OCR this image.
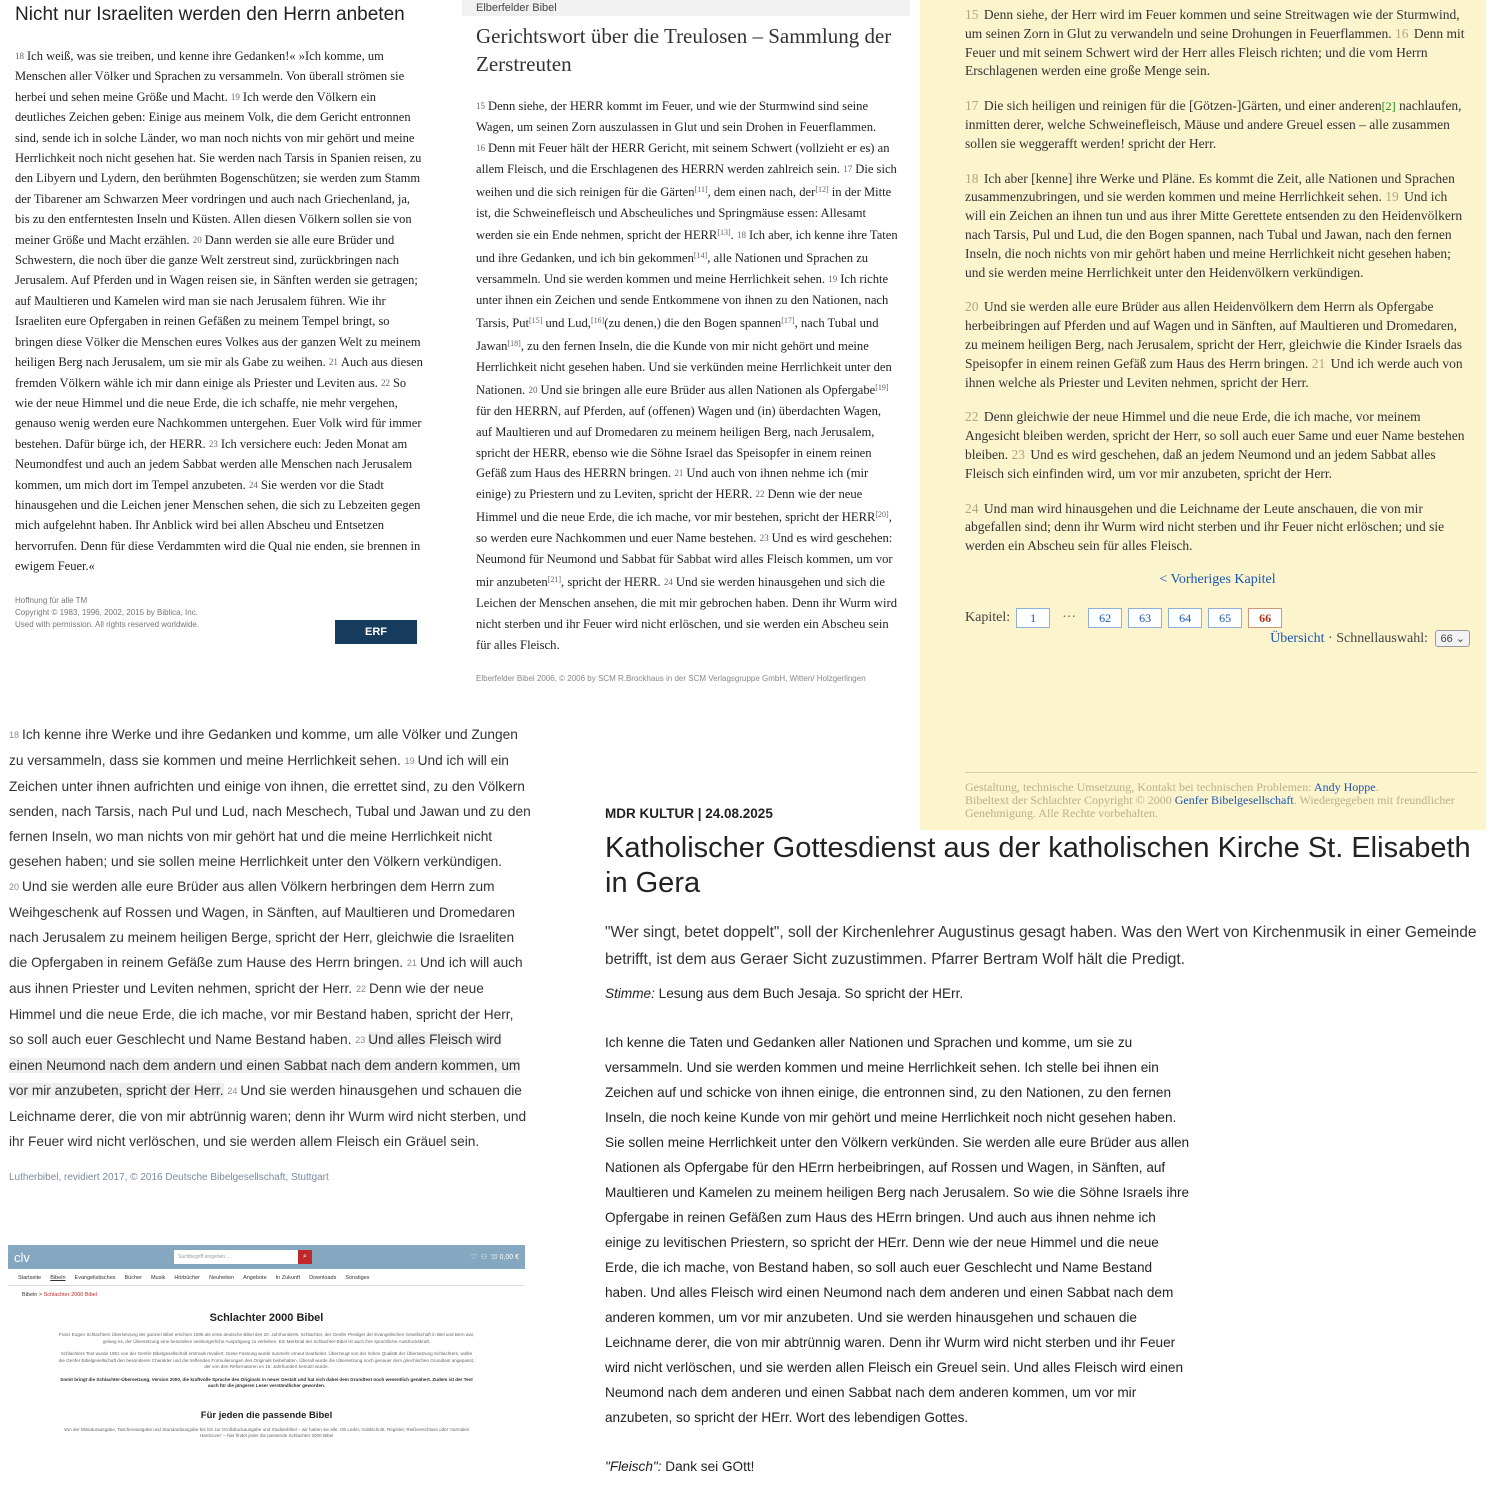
Nicht nur Israeliten werden den Herrn anbeten
18 Ich weiß, was sie treiben, und kenne ihre Gedanken!« »Ich komme, um Menschen aller Völker und Sprachen zu versammeln. Von überall strömen sie herbei und sehen meine Größe und Macht. 19 Ich werde den Völkern ein deutliches Zeichen geben: Einige aus meinem Volk, die dem Gericht entronnen sind, sende ich in solche Länder, wo man noch nichts von mir gehört und meine Herrlichkeit noch nicht gesehen hat. Sie werden nach Tarsis in Spanien reisen, zu den Libyern und Lydern, den berühmten Bogenschützen; sie werden zum Stamm der Tibarener am Schwarzen Meer vordringen und auch nach Griechenland, ja, bis zu den entferntesten Inseln und Küsten. Allen diesen Völkern sollen sie von meiner Größe und Macht erzählen. 20 Dann werden sie alle eure Brüder und Schwestern, die noch über die ganze Welt zerstreut sind, zurückbringen nach Jerusalem. Auf Pferden und in Wagen reisen sie, in Sänften werden sie getragen; auf Maultieren und Kamelen wird man sie nach Jerusalem führen. Wie ihr Israeliten eure Opfergaben in reinen Gefäßen zu meinem Tempel bringt, so bringen diese Völker die Menschen eures Volkes aus der ganzen Welt zu meinem heiligen Berg nach Jerusalem, um sie mir als Gabe zu weihen. 21 Auch aus diesen fremden Völkern wähle ich mir dann einige als Priester und Leviten aus. 22 So wie der neue Himmel und die neue Erde, die ich schaffe, nie mehr vergehen, genauso wenig werden eure Nachkommen untergehen. Euer Volk wird für immer bestehen. Dafür bürge ich, der HERR. 23 Ich versichere euch: Jeden Monat am Neumondfest und auch an jedem Sabbat werden alle Menschen nach Jerusalem kommen, um mich dort im Tempel anzubeten. 24 Sie werden vor die Stadt hinausgehen und die Leichen jener Menschen sehen, die sich zu Lebzeiten gegen mich aufgelehnt haben. Ihr Anblick wird bei allen Abscheu und Entsetzen hervorrufen. Denn für diese Verdammten wird die Qual nie enden, sie brennen in ewigem Feuer.«
Hoffnung für alle TM
Copyright © 1983, 1996, 2002, 2015 by Biblica, Inc.
Used with permission. All rights reserved worldwide.
ERF Bibleserver
Elberfelder Bibel
Gerichtswort über die Treulosen – Sammlung der Zerstreuten
15 Denn siehe, der HERR kommt im Feuer, und wie der Sturmwind sind seine Wagen, um seinen Zorn auszulassen in Glut und sein Drohen in Feuerflammen. 16 Denn mit Feuer hält der HERR Gericht, mit seinem Schwert (vollzieht er es) an allem Fleisch, und die Erschlagenen des HERRN werden zahlreich sein. 17 Die sich weihen und die sich reinigen für die Gärten[11], dem einen nach, der[12] in der Mitte ist, die Schweinefleisch und Abscheuliches und Springmäuse essen: Allesamt werden sie ein Ende nehmen, spricht der HERR[13]. 18 Ich aber, ich kenne ihre Taten und ihre Gedanken, und ich bin gekommen[14], alle Nationen und Sprachen zu versammeln. Und sie werden kommen und meine Herrlichkeit sehen. 19 Ich richte unter ihnen ein Zeichen und sende Entkommene von ihnen zu den Nationen, nach Tarsis, Put[15] und Lud,[16](zu denen,) die den Bogen spannen[17], nach Tubal und Jawan[18], zu den fernen Inseln, die die Kunde von mir nicht gehört und meine Herrlichkeit nicht gesehen haben. Und sie verkünden meine Herrlichkeit unter den Nationen. 20 Und sie bringen alle eure Brüder aus allen Nationen als Opfergabe[19] für den HERRN, auf Pferden, auf (offenen) Wagen und (in) überdachten Wagen, auf Maultieren und auf Dromedaren zu meinem heiligen Berg, nach Jerusalem, spricht der HERR, ebenso wie die Söhne Israel das Speisopfer in einem reinen Gefäß zum Haus des HERRN bringen. 21 Und auch von ihnen nehme ich (mir einige) zu Priestern und zu Leviten, spricht der HERR. 22 Denn wie der neue Himmel und die neue Erde, die ich mache, vor mir bestehen, spricht der HERR[20], so werden eure Nachkommen und euer Name bestehen. 23 Und es wird geschehen: Neumond für Neumond und Sabbat für Sabbat wird alles Fleisch kommen, um vor mir anzubeten[21], spricht der HERR. 24 Und sie werden hinausgehen und sich die Leichen der Menschen ansehen, die mit mir gebrochen haben. Denn ihr Wurm wird nicht sterben und ihr Feuer wird nicht erlöschen, und sie werden ein Abscheu sein für alles Fleisch.
Elberfelder Bibel 2006, © 2006 by SCM R.Brockhaus in der SCM Verlagsgruppe GmbH, Witten/ Holzgerlingen

15 Denn siehe, der Herr wird im Feuer kommen und seine Streitwagen wie der Sturmwind, um seinen Zorn in Glut zu verwandeln und seine Drohungen in Feuerflammen. 16 Denn mit Feuer und mit seinem Schwert wird der Herr alles Fleisch richten; und die vom Herrn Erschlagenen werden eine große Menge sein.

17 Die sich heiligen und reinigen für die [Götzen-]Gärten, und einer anderen[2] nachlaufen, inmitten derer, welche Schweinefleisch, Mäuse und andere Greuel essen – alle zusammen sollen sie weggerafft werden! spricht der Herr.

18 Ich aber [kenne] ihre Werke und Pläne. Es kommt die Zeit, alle Nationen und Sprachen zusammenzubringen, und sie werden kommen und meine Herrlichkeit sehen. 19 Und ich will ein Zeichen an ihnen tun und aus ihrer Mitte Gerettete entsenden zu den Heidenvölkern nach Tarsis, Pul und Lud, die den Bogen spannen, nach Tubal und Jawan, nach den fernen Inseln, die noch nichts von mir gehört haben und meine Herrlichkeit nicht gesehen haben; und sie werden meine Herrlichkeit unter den Heidenvölkern verkündigen.

20 Und sie werden alle eure Brüder aus allen Heidenvölkern dem Herrn als Opfergabe herbeibringen auf Pferden und auf Wagen und in Sänften, auf Maultieren und Dromedaren, zu meinem heiligen Berg, nach Jerusalem, spricht der Herr, gleichwie die Kinder Israels das Speisopfer in einem reinen Gefäß zum Haus des Herrn bringen. 21 Und ich werde auch von ihnen welche als Priester und Leviten nehmen, spricht der Herr.

22 Denn gleichwie der neue Himmel und die neue Erde, die ich mache, vor meinem Angesicht bleiben werden, spricht der Herr, so soll auch euer Same und euer Name bestehen bleiben. 23 Und es wird geschehen, daß an jedem Neumond und an jedem Sabbat alles Fleisch sich einfinden wird, um vor mir anzubeten, spricht der Herr.

24 Und man wird hinausgehen und die Leichname der Leute anschauen, die von mir abgefallen sind; denn ihr Wurm wird nicht sterben und ihr Feuer nicht erlöschen; und sie werden ein Abscheu sein für alles Fleisch.

< Vorheriges Kapitel
Kapitel:	1	···	62	63	64	65	66
Übersicht · Schnellauswahl: 66 ⌄
Gestaltung, technische Umsetzung, Kontakt bei technischen Problemen: Andy Hoppe.
Bibeltext der Schlachter Copyright © 2000 Genfer Bibelgesellschaft. Wiedergegeben mit freundlicher Genehmigung. Alle Rechte vorbehalten.
18 Ich kenne ihre Werke und ihre Gedanken und komme, um alle Völker und Zungen zu versammeln, dass sie kommen und meine Herrlichkeit sehen. 19 Und ich will ein Zeichen unter ihnen aufrichten und einige von ihnen, die errettet sind, zu den Völkern senden, nach Tarsis, nach Pul und Lud, nach Meschech, Tubal und Jawan und zu den fernen Inseln, wo man nichts von mir gehört hat und die meine Herrlichkeit nicht gesehen haben; und sie sollen meine Herrlichkeit unter den Völkern verkündigen.
20 Und sie werden alle eure Brüder aus allen Völkern herbringen dem Herrn zum Weihgeschenk auf Rossen und Wagen, in Sänften, auf Maultieren und Dromedaren nach Jerusalem zu meinem heiligen Berge, spricht der Herr, gleichwie die Israeliten die Opfergaben in reinem Gefäße zum Hause des Herrn bringen. 21 Und ich will auch aus ihnen Priester und Leviten nehmen, spricht der Herr. 22 Denn wie der neue Himmel und die neue Erde, die ich mache, vor mir Bestand haben, spricht der Herr, so soll auch euer Geschlecht und Name Bestand haben. 23 Und alles Fleisch wird einen Neumond nach dem andern und einen Sabbat nach dem andern kommen, um vor mir anzubeten, spricht der Herr. 24 Und sie werden hinausgehen und schauen die Leichname derer, die von mir abtrünnig waren; denn ihr Wurm wird nicht sterben, und ihr Feuer wird nicht verlöschen, und sie werden allem Fleisch ein Gräuel sein.
Lutherbibel, revidiert 2017, © 2016 Deutsche Bibelgesellschaft, Stuttgart
clv	Suchbegriff eingeben ...	⌕	♡ ⚇ ⛫ 0,00 €
Startseite Bibeln Evangelistisches Bücher Musik Hörbücher Neuheiten Angebote In Zukunft Downloads Sonstiges
Bibeln > Schlachter 2000 Bibel
Schlachter 2000 Bibel

Franz Eugen Schlachters Übersetzung der ganzen Bibel erschien 1905 als erste deutsche Bibel des 20. Jahrhunderts. Schlachter, der Genfer Prediger der Evangelischen Gesellschaft in Biel und Bern war, gelang es, der Übersetzung eine besondere seelsorgerliche Ausprägung zu verleihen. Ein Merkmal der Schlachter-Bibel ist auch ihre sprachliche Ausdruckskraft.

Schlachters Text wurde 1951 von der Genfer Bibelgesellschaft erstmals revidiert. Diese Fassung wurde nunmehr erneut bearbeitet. Überzeugt von der hohen Qualität der Übersetzung Schlachters, wollte die Genfer Bibelgesellschaft den besonderen Charakter und die treffenden Formulierungen des Originals beibehalten. Überall wurde die Übersetzung noch genauer dem griechischen Grundtext angepasst, der von den Reformatoren im 16. Jahrhundert benutzt wurde.

Somit bringt die Schlachter-Übersetzung, Version 2000, die kraftvolle Sprache des Originals in neuer Gestalt und hat sich dabei dem Grundtext noch wesentlich genähert. Zudem ist der Text auch für die jüngeren Leser verständlicher geworden.

Für jeden die passende Bibel

Von der Miniaturausgabe, Taschenausgabe und Standardausgabe bis hin zur Großdruckausgabe und Studienbibel – wir haben sie alle. Ob Leder, Goldschnitt, Register, Reißverschluss oder 'normales Hardcover' – hier findet jeder die passende Schlachter 2000 Bibel

MDR KULTUR | 24.08.2025
Katholischer Gottesdienst aus der katholischen Kirche St. Elisabeth in Gera

"Wer singt, betet doppelt", soll der Kirchenlehrer Augustinus gesagt haben. Was den Wert von Kirchenmusik in einer Gemeinde betrifft, ist dem aus Geraer Sicht zuzustimmen. Pfarrer Bertram Wolf hält die Predigt.

Stimme: Lesung aus dem Buch Jesaja. So spricht der HErr.

Ich kenne die Taten und Gedanken aller Nationen und Sprachen und komme, um sie zu versammeln. Und sie werden kommen und meine Herrlichkeit sehen. Ich stelle bei ihnen ein Zeichen auf und schicke von ihnen einige, die entronnen sind, zu den Nationen, zu den fernen Inseln, die noch keine Kunde von mir gehört und meine Herrlichkeit noch nicht gesehen haben. Sie sollen meine Herrlichkeit unter den Völkern verkünden. Sie werden alle eure Brüder aus allen Nationen als Opfergabe für den HErrn herbeibringen, auf Rossen und Wagen, in Sänften, auf Maultieren und Kamelen zu meinem heiligen Berg nach Jerusalem. So wie die Söhne Israels ihre Opfergabe in reinen Gefäßen zum Haus des HErrn bringen. Und auch aus ihnen nehme ich einige zu levitischen Priestern, so spricht der HErr. Denn wie der neue Himmel und die neue Erde, die ich mache, von Bestand haben, so soll auch euer Geschlecht und Name Bestand haben. Und alles Fleisch wird einen Neumond nach dem anderen und einen Sabbat nach dem anderen kommen, um vor mir anzubeten. Und sie werden hinausgehen und schauen die Leichname derer, die von mir abtrünnig waren. Denn ihr Wurm wird nicht sterben und ihr Feuer wird nicht verlöschen, und sie werden allen Fleisch ein Greuel sein. Und alles Fleisch wird einen Neumond nach dem anderen und einen Sabbat nach dem anderen kommen, um vor mir anzubeten, so spricht der HErr. Wort des lebendigen Gottes.

"Fleisch": Dank sei GOtt!
